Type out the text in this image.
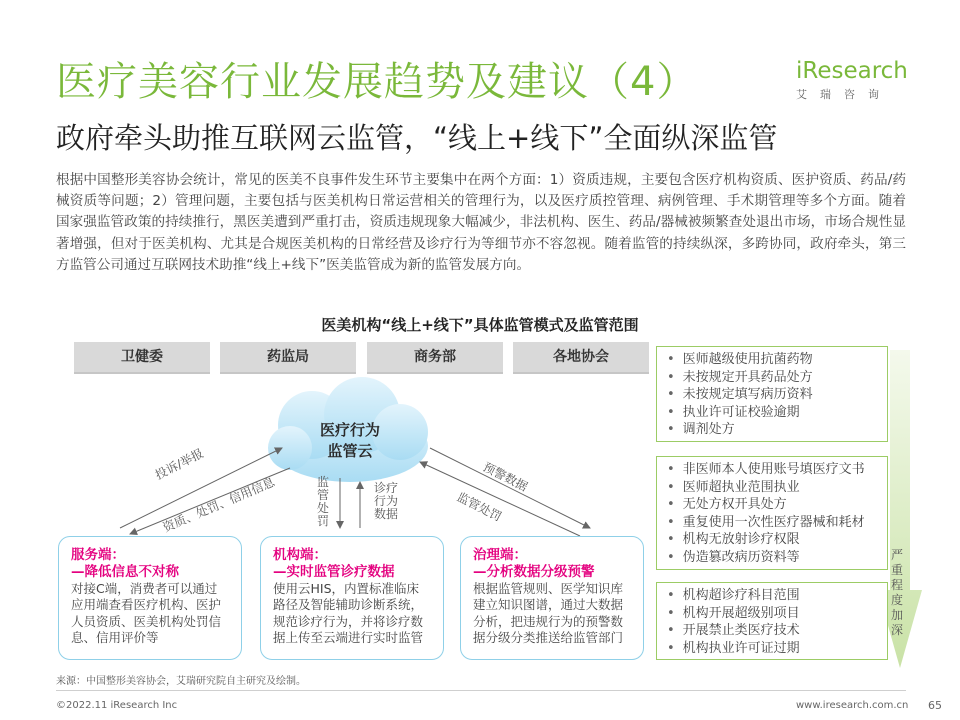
医疗美容行业发展趋势及建议（4）
政府牵头助推互联网云监管，“线上+线下”全面纵深监管
iResearch
艾瑞咨询
根据中国整形美容协会统计，常见的医美不良事件发生环节主要集中在两个方面：1）资质违规，主要包含医疗机构资质、医护资质、药品/药械资质等问题；2）管理问题，主要包括与医美机构日常运营相关的管理行为，以及医疗质控管理、病例管理、手术期管理等多个方面。随着国家强监管政策的持续推行，黑医美遭到严重打击，资质违规现象大幅减少，非法机构、医生、药品/器械被频繁查处退出市场，市场合规性显著增强，但对于医美机构、尤其是合规医美机构的日常经营及诊疗行为等细节亦不容忽视。随着监管的持续纵深，多跨协同，政府牵头，第三方监管公司通过互联网技术助推“线上+线下”医美监管成为新的监管发展方向。
医美机构“线上+线下”具体监管模式及监管范围
卫健委	药监局	商务部	各地协会
医疗行为
监管云
投诉/举报
资质、处罚、信用信息	监管处罚
诊疗行为数据
预警数据
监管处罚
服务端：
—降低信息不对称
对接C端，消费者可以通过应用端查看医疗机构、医护人员资质、医美机构处罚信息、信用评价等
机构端：
—实时监管诊疗数据
使用云HIS，内置标准临床路径及智能辅助诊断系统，规范诊疗行为，并将诊疗数据上传至云端进行实时监管
治理端：
—分析数据分级预警
根据监管规则、医学知识库建立知识图谱，通过大数据分析，把违规行为的预警数据分级分类推送给监管部门
• 医师越级使用抗菌药物
• 未按规定开具药品处方
• 未按规定填写病历资料
• 执业许可证校验逾期
• 调剂处方
• 非医师本人使用账号填医疗文书
• 医师超执业范围执业
• 无处方权开具处方
• 重复使用一次性医疗器械和耗材
• 机构无放射诊疗权限
• 伪造篡改病历资料等
• 机构超诊疗科目范围
• 机构开展超级别项目
• 开展禁止类医疗技术
• 机构执业许可证过期
严重程度加深
来源：中国整形美容协会，艾瑞研究院自主研究及绘制。
©2022.11 iResearch Inc	www.iresearch.com.cn 65
